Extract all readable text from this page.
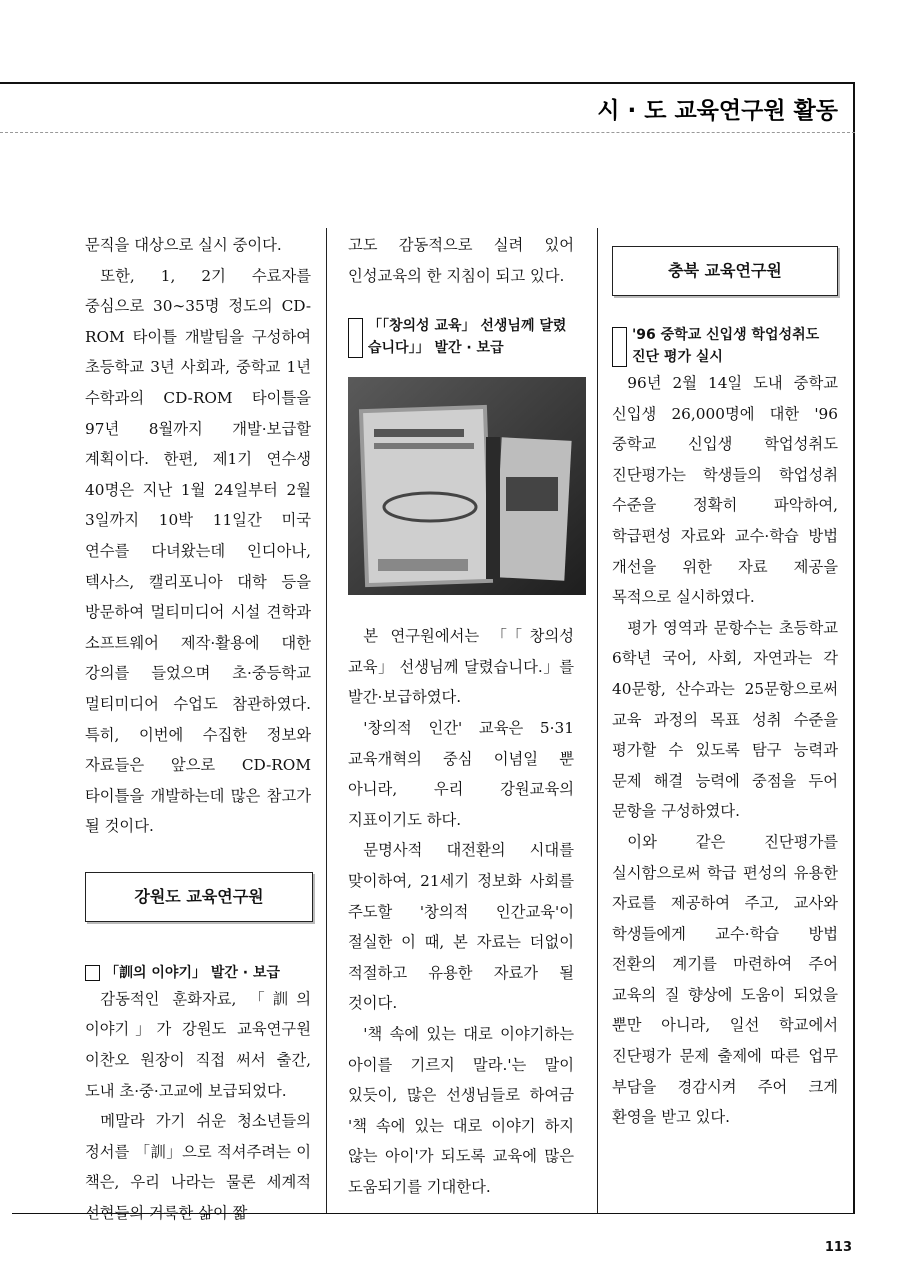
시 · 도 교육연구원 활동

문직을 대상으로 실시 중이다.

또한, 1, 2기 수료자를 중심으로 30∼35명 정도의 CD-ROM 타이틀 개발팀을 구성하여 초등학교 3년 사회과, 중학교 1년 수학과의 CD-ROM 타이틀을 97년 8월까지 개발·보급할 계획이다. 한편, 제1기 연수생 40명은 지난 1월 24일부터 2월 3일까지 10박 11일간 미국 연수를 다녀왔는데 인디아나, 텍사스, 캘리포니아 대학 등을 방문하여 멀티미디어 시설 견학과 소프트웨어 제작·활용에 대한 강의를 들었으며 초·중등학교 멀티미디어 수업도 참관하였다. 특히, 이번에 수집한 정보와 자료들은 앞으로 CD-ROM 타이틀을 개발하는데 많은 참고가 될 것이다.

강원도 교육연구원
「訓의 이야기」 발간 · 보급

감동적인 훈화자료, 「訓의 이야기」가 강원도 교육연구원 이찬오 원장이 직접 써서 출간, 도내 초·중·고교에 보급되었다.

메말라 가기 쉬운 청소년들의 정서를 「訓」으로 적셔주려는 이 책은, 우리 나라는 물론 세계적 선현들의 거룩한 삶이 짧

고도 감동적으로 실려 있어 인성교육의 한 지침이 되고 있다.

「「창의성 교육」 선생님께 달렸
습니다」」 발간 · 보급

본 연구원에서는 「「창의성 교육」 선생님께 달렸습니다.」를 발간·보급하였다.

'창의적 인간' 교육은 5·31 교육개혁의 중심 이념일 뿐 아니라, 우리 강원교육의 지표이기도 하다.

문명사적 대전환의 시대를 맞이하여, 21세기 정보화 사회를 주도할 '창의적 인간교육'이 절실한 이 때, 본 자료는 더없이 적절하고 유용한 자료가 될 것이다.

'책 속에 있는 대로 이야기하는 아이를 기르지 말라.'는 말이 있듯이, 많은 선생님들로 하여금 '책 속에 있는 대로 이야기 하지 않는 아이'가 되도록 교육에 많은 도움되기를 기대한다.

충북 교육연구원
'96 중학교 신입생 학업성취도
진단 평가 실시

96년 2월 14일 도내 중학교 신입생 26,000명에 대한 '96 중학교 신입생 학업성취도 진단평가는 학생들의 학업성취 수준을 정확히 파악하여, 학급편성 자료와 교수·학습 방법 개선을 위한 자료 제공을 목적으로 실시하였다.

평가 영역과 문항수는 초등학교 6학년 국어, 사회, 자연과는 각 40문항, 산수과는 25문항으로써 교육 과정의 목표 성취 수준을 평가할 수 있도록 탐구 능력과 문제 해결 능력에 중점을 두어 문항을 구성하였다.

이와 같은 진단평가를 실시함으로써 학급 편성의 유용한 자료를 제공하여 주고, 교사와 학생들에게 교수·학습 방법 전환의 계기를 마련하여 주어 교육의 질 향상에 도움이 되었을 뿐만 아니라, 일선 학교에서 진단평가 문제 출제에 따른 업무 부담을 경감시켜 주어 크게 환영을 받고 있다.

113
